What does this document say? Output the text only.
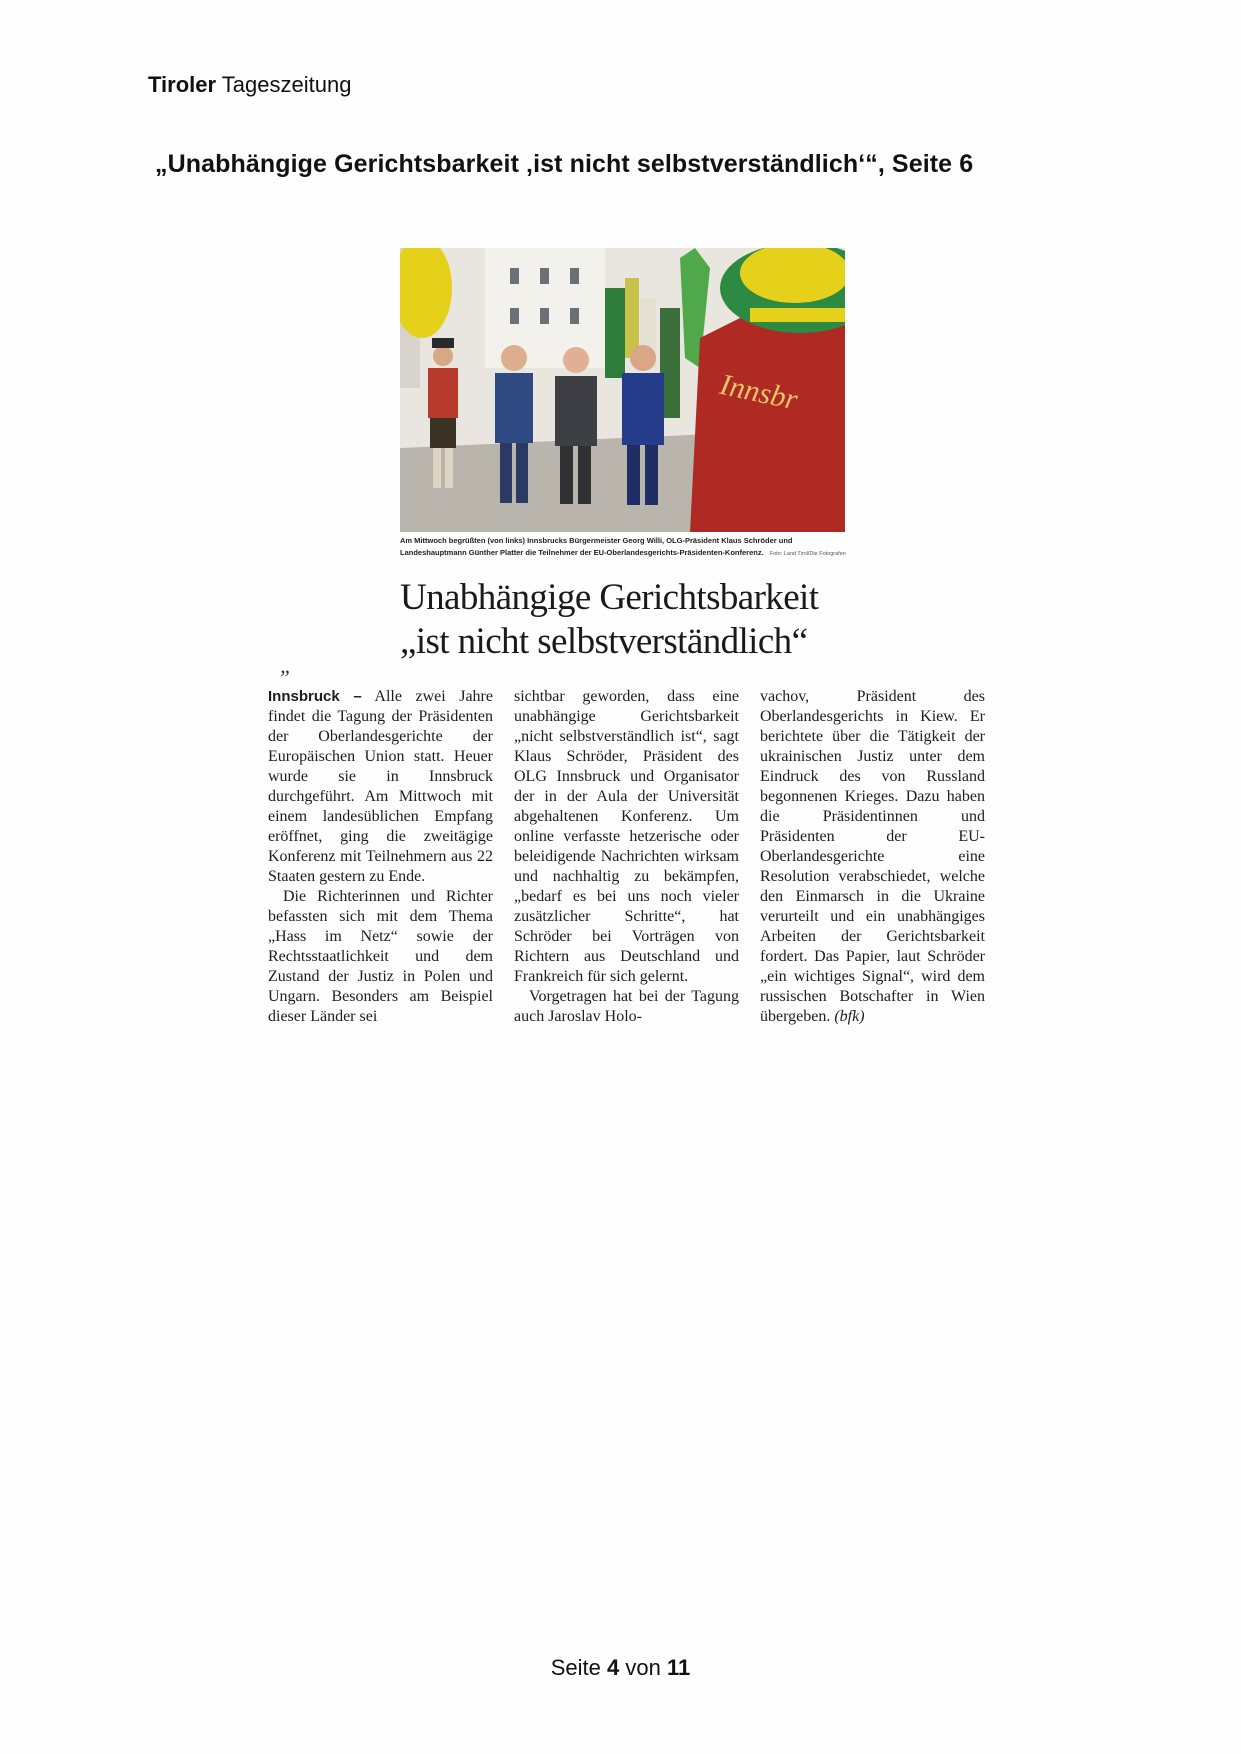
Tiroler Tageszeitung
„Unabhängige Gerichtsbarkeit ‚ist nicht selbstverständlich‘“, Seite 6
Innsbr
Am Mittwoch begrüßten (von links) Innsbrucks Bürgermeister Georg Willi, OLG-Präsident Klaus Schröder und Landeshauptmann Günther Platter die Teilnehmer der EU-Oberlandesgerichts-Präsidenten-Konferenz. Foto: Land Tirol/Die Fotografen
Unabhängige Gerichtsbarkeit
„ist nicht selbstverständlich“
„

Innsbruck – Alle zwei Jahre findet die Tagung der Präsidenten der Oberlandesgerichte der Europäischen Union statt. Heuer wurde sie in Innsbruck durchgeführt. Am Mittwoch mit einem landesüblichen Empfang eröffnet, ging die zweitägige Konferenz mit Teilnehmern aus 22 Staaten gestern zu Ende.

Die Richterinnen und Richter befassten sich mit dem Thema „Hass im Netz“ sowie der Rechtsstaatlichkeit und dem Zustand der Justiz in Polen und Ungarn. Besonders am Beispiel dieser Länder sei

sichtbar geworden, dass eine unabhängige Gerichtsbarkeit „nicht selbstverständlich ist“, sagt Klaus Schröder, Präsident des OLG Innsbruck und Organisator der in der Aula der Universität abgehaltenen Konferenz. Um online verfasste hetzerische oder beleidigende Nachrichten wirksam und nachhaltig zu bekämpfen, „bedarf es bei uns noch vieler zusätzlicher Schritte“, hat Schröder bei Vorträgen von Richtern aus Deutschland und Frankreich für sich gelernt.

Vorgetragen hat bei der Tagung auch Jaroslav Holo-

vachov, Präsident des Oberlandesgerichts in Kiew. Er berichtete über die Tätigkeit der ukrainischen Justiz unter dem Eindruck des von Russland begonnenen Krieges. Dazu haben die Präsidentinnen und Präsidenten der EU-Oberlandesgerichte eine Resolution verabschiedet, welche den Einmarsch in die Ukraine verurteilt und ein unabhängiges Arbeiten der Gerichtsbarkeit fordert. Das Papier, laut Schröder „ein wichtiges Signal“, wird dem russischen Botschafter in Wien übergeben. (bfk)

Seite 4 von 11
